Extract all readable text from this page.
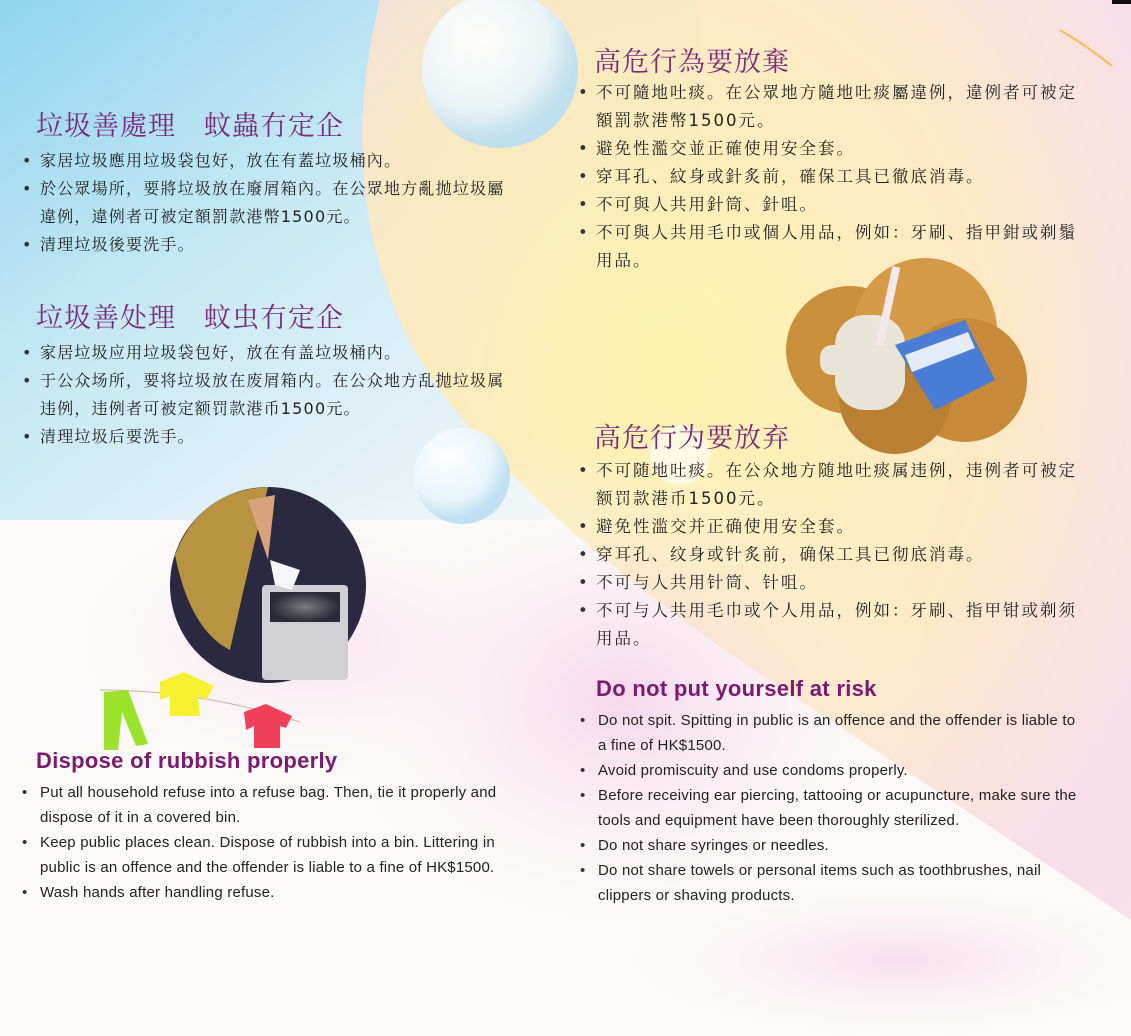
垃圾善處理　蚊蟲冇定企
• 家居垃圾應用垃圾袋包好，放在有蓋垃圾桶內。
• 於公眾場所，要將垃圾放在廢屑箱內。在公眾地方亂拋垃圾屬違例，違例者可被定額罰款港幣1500元。
• 清理垃圾後要洗手。
垃圾善处理　蚊虫冇定企
• 家居垃圾应用垃圾袋包好，放在有盖垃圾桶内。
• 于公众场所，要将垃圾放在废屑箱内。在公众地方乱抛垃圾属违例，违例者可被定额罚款港币1500元。
• 清理垃圾后要洗手。
Dispose of rubbish properly
• Put all household refuse into a refuse bag. Then, tie it properly and dispose of it in a covered bin.
• Keep public places clean. Dispose of rubbish into a bin. Littering in public is an offence and the offender is liable to a fine of HK$1500.
• Wash hands after handling refuse.
高危行為要放棄
• 不可隨地吐痰。在公眾地方隨地吐痰屬違例，違例者可被定額罰款港幣1500元。
• 避免性濫交並正確使用安全套。
• 穿耳孔、紋身或針炙前，確保工具已徹底消毒。
• 不可與人共用針筒、針咀。
• 不可與人共用毛巾或個人用品，例如：牙刷、指甲鉗或剃鬚用品。
高危行为要放弃
• 不可随地吐痰。在公众地方随地吐痰属违例，违例者可被定额罚款港币1500元。
• 避免性滥交并正确使用安全套。
• 穿耳孔、纹身或针炙前，确保工具已彻底消毒。
• 不可与人共用针筒、针咀。
• 不可与人共用毛巾或个人用品，例如：牙刷、指甲钳或剃须用品。
Do not put yourself at risk
• Do not spit. Spitting in public is an offence and the offender is liable to a fine of HK$1500.
• Avoid promiscuity and use condoms properly.
• Before receiving ear piercing, tattooing or acupuncture, make sure the tools and equipment have been thoroughly sterilized.
• Do not share syringes or needles.
• Do not share towels or personal items such as toothbrushes, nail clippers or shaving products.
